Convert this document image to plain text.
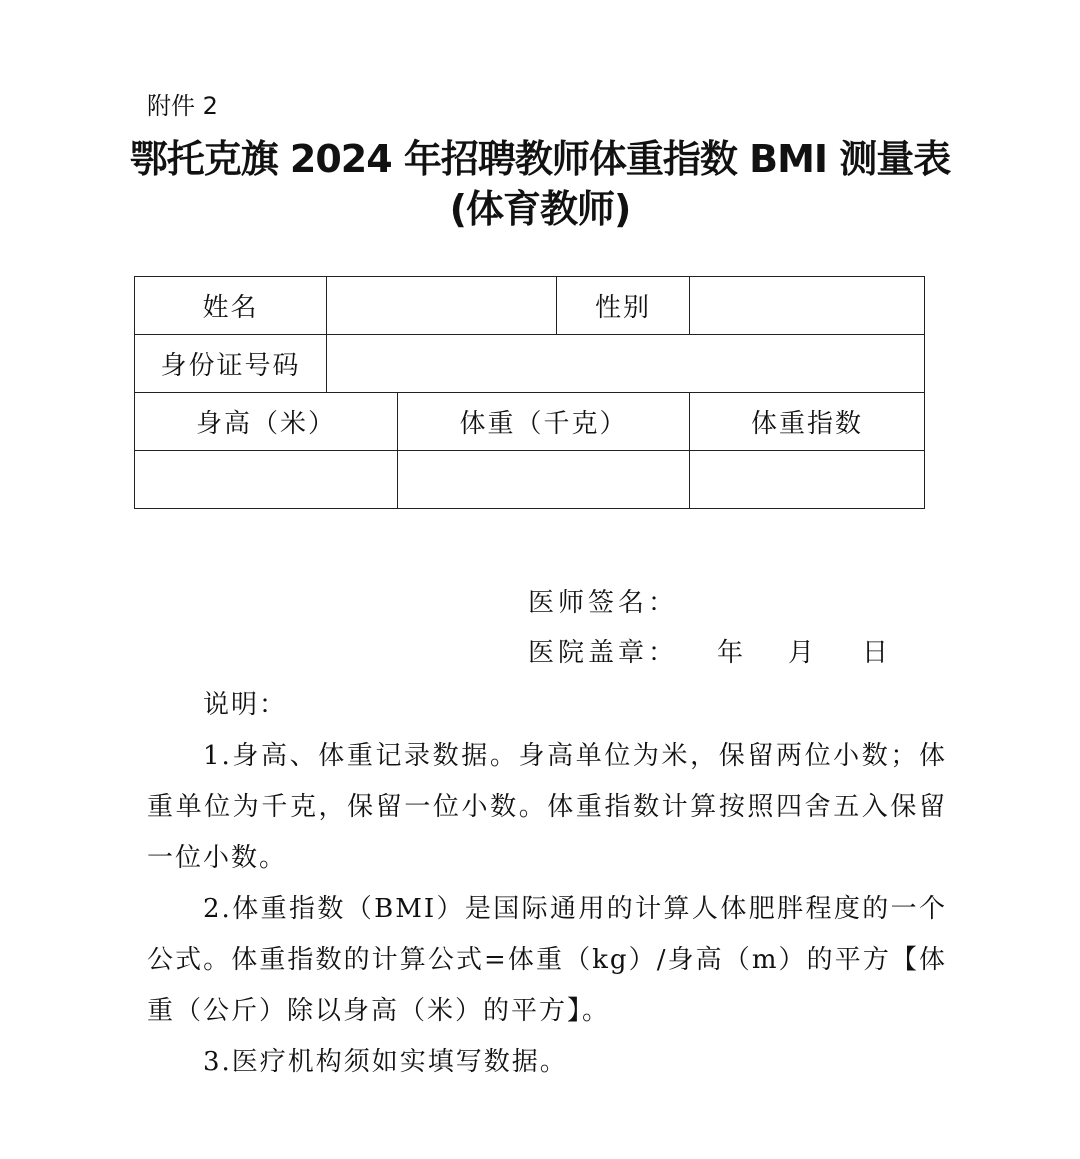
附件 2
鄂托克旗 2024 年招聘教师体重指数 BMI 测量表
(体育教师)
姓名			性别	
身份证号码				
身高（米）		体重（千克）		体重指数

医师签名：
医院盖章： 年 月 日

说明：

1.身高、体重记录数据。身高单位为米，保留两位小数；体重单位为千克，保留一位小数。体重指数计算按照四舍五入保留一位小数。

2.体重指数（BMI）是国际通用的计算人体肥胖程度的一个公式。体重指数的计算公式=体重（kg）/身高（m）的平方【体重（公斤）除以身高（米）的平方】。

3.医疗机构须如实填写数据。
